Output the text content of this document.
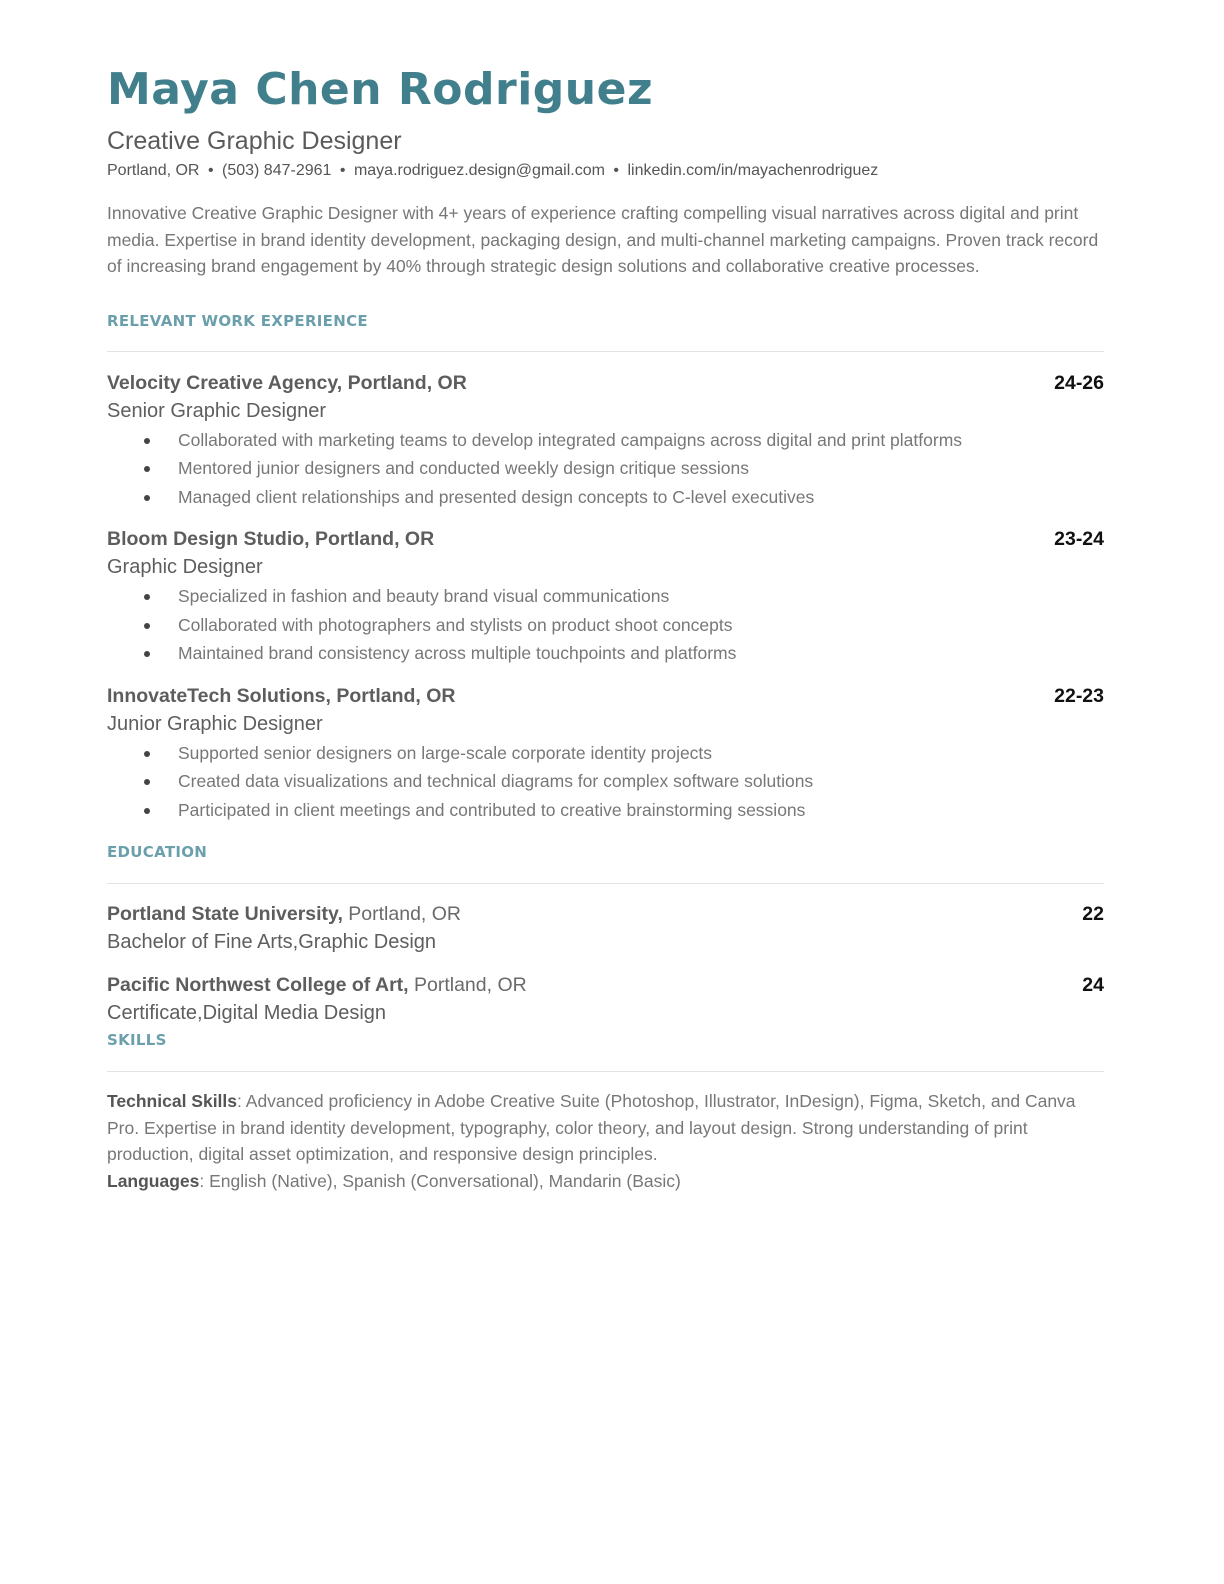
Maya Chen Rodriguez
Creative Graphic Designer
Portland, OR • (503) 847-2961 • maya.rodriguez.design@gmail.com • linkedin.com/in/mayachenrodriguez
Innovative Creative Graphic Designer with 4+ years of experience crafting compelling visual narratives across digital and print media. Expertise in brand identity development, packaging design, and multi-channel marketing campaigns. Proven track record of increasing brand engagement by 40% through strategic design solutions and collaborative creative processes.
RELEVANT WORK EXPERIENCE
Velocity Creative Agency, Portland, OR	24-26
Senior Graphic Designer
Collaborated with marketing teams to develop integrated campaigns across digital and print platforms
Mentored junior designers and conducted weekly design critique sessions
Managed client relationships and presented design concepts to C-level executives
Bloom Design Studio, Portland, OR	23-24
Graphic Designer
Specialized in fashion and beauty brand visual communications
Collaborated with photographers and stylists on product shoot concepts
Maintained brand consistency across multiple touchpoints and platforms
InnovateTech Solutions, Portland, OR	22-23
Junior Graphic Designer
Supported senior designers on large-scale corporate identity projects
Created data visualizations and technical diagrams for complex software solutions
Participated in client meetings and contributed to creative brainstorming sessions
EDUCATION
Portland State University, Portland, OR	22
Bachelor of Fine Arts,Graphic Design
Pacific Northwest College of Art, Portland, OR	24
Certificate,Digital Media Design
SKILLS
Technical Skills: Advanced proficiency in Adobe Creative Suite (Photoshop, Illustrator, InDesign), Figma, Sketch, and Canva Pro. Expertise in brand identity development, typography, color theory, and layout design. Strong understanding of print production, digital asset optimization, and responsive design principles.
Languages: English (Native), Spanish (Conversational), Mandarin (Basic)
